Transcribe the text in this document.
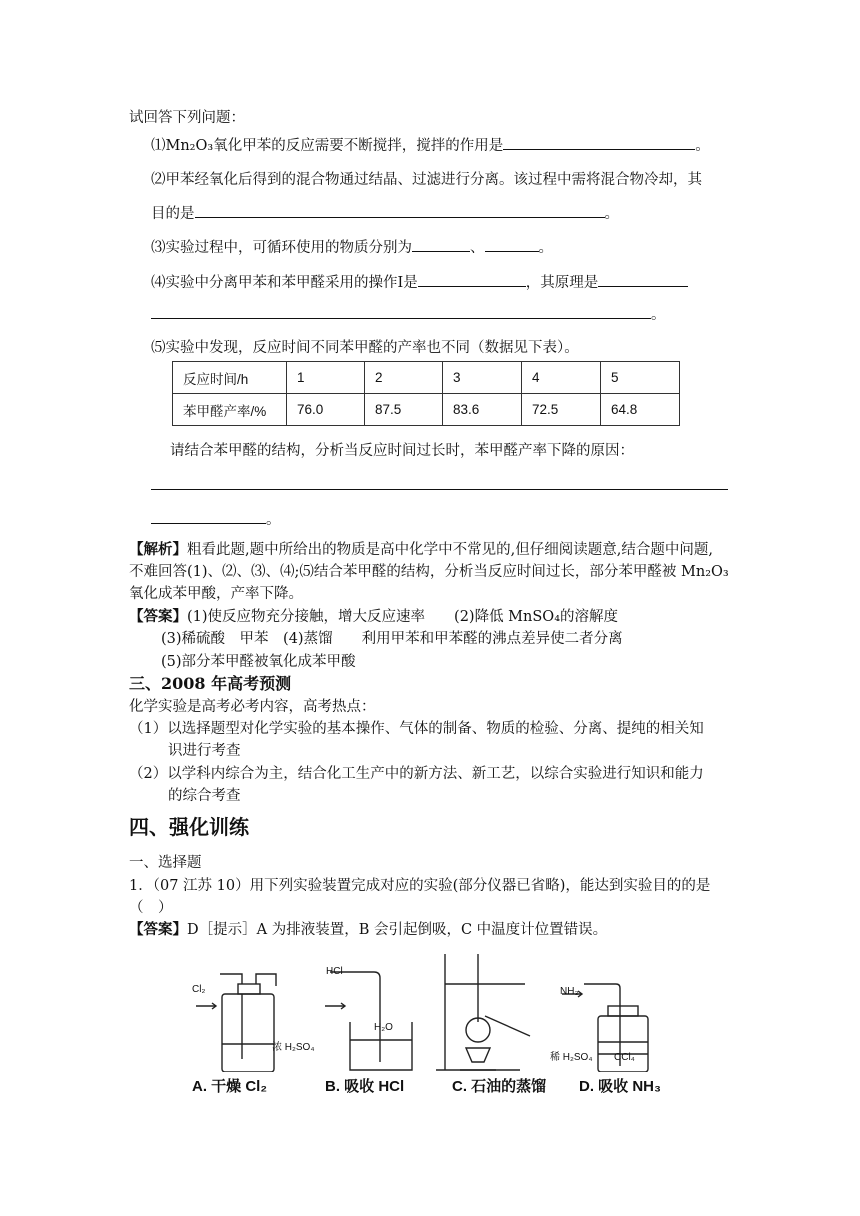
试回答下列问题：
⑴Mn₂O₃氧化甲苯的反应需要不断搅拌，搅拌的作用是	。
⑵甲苯经氧化后得到的混合物通过结晶、过滤进行分离。该过程中需将混合物冷却，其
目的是	。
⑶实验过程中，可循环使用的物质分别为	、	。
⑷实验中分离甲苯和苯甲醛采用的操作Ⅰ是	，其原理是
。
⑸实验中发现，反应时间不同苯甲醛的产率也不同（数据见下表）。
反应时间/h	1	2	3	4	5
苯甲醛产率/%	76.0	87.5	83.6	72.5	64.8
请结合苯甲醛的结构，分析当反应时间过长时，苯甲醛产率下降的原因：
。
【解析】粗看此题,题中所给出的物质是高中化学中不常见的,但仔细阅读题意,结合题中问题,
不难回答(1)、⑵、⑶、⑷;⑸结合苯甲醛的结构，分析当反应时间过长，部分苯甲醛被 Mn₂O₃
氧化成苯甲酸，产率下降。
【答案】(1)使反应物充分接触，增大反应速率　　(2)降低 MnSO₄的溶解度
(3)稀硫酸　甲苯　(4)蒸馏　　利用甲苯和甲苯醛的沸点差异使二者分离
(5)部分苯甲醛被氧化成苯甲酸
三、2008 年高考预测
化学实验是高考必考内容，高考热点：
（1）以选择题型对化学实验的基本操作、气体的制备、物质的检验、分离、提纯的相关知
识进行考查
（2）以学科内综合为主，结合化工生产中的新方法、新工艺，以综合实验进行知识和能力
的综合考查
四、强化训练
一、选择题
1．（07 江苏 10）用下列实验装置完成对应的实验(部分仪器已省略)，能达到实验目的的是
（　）
【答案】D［提示］A 为排液装置，B 会引起倒吸，C 中温度计位置错误。
Cl₂
浓 H₂SO₄
HCl
H₂O
NH₃
稀 H₂SO₄ CCl₄
A. 干燥 Cl₂	B. 吸收 HCl	C. 石油的蒸馏 D. 吸收 NH₃
